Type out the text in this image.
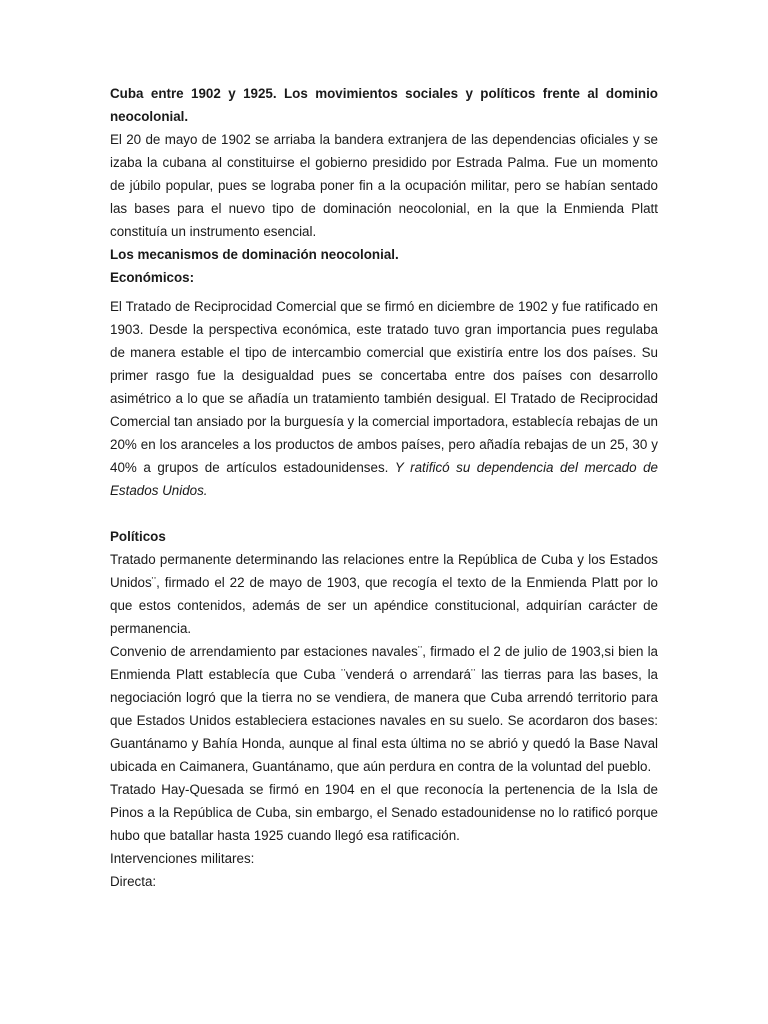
Cuba entre 1902 y 1925. Los movimientos sociales y políticos frente al dominio neocolonial.

El 20 de mayo de 1902 se arriaba la bandera extranjera de las dependencias oficiales y se izaba la cubana al constituirse el gobierno presidido por Estrada Palma. Fue un momento de júbilo popular, pues se lograba poner fin a la ocupación militar, pero se habían sentado las bases para el nuevo tipo de dominación neocolonial, en la que la Enmienda Platt constituía un instrumento esencial.

Los mecanismos de dominación neocolonial.

Económicos:

El Tratado de Reciprocidad Comercial que se firmó en diciembre de 1902 y fue ratificado en 1903. Desde la perspectiva económica, este tratado tuvo gran importancia pues regulaba de manera estable el tipo de intercambio comercial que existiría entre los dos países. Su primer rasgo fue la desigualdad pues se concertaba entre dos países con desarrollo asimétrico a lo que se añadía un tratamiento también desigual. El Tratado de Reciprocidad Comercial tan ansiado por la burguesía y la comercial importadora, establecía rebajas de un 20% en los aranceles a los productos de ambos países, pero añadía rebajas de un 25, 30 y 40% a grupos de artículos estadounidenses. Y ratificó su dependencia del mercado de Estados Unidos.

Políticos

Tratado permanente determinando las relaciones entre la República de Cuba y los Estados Unidos¨, firmado el 22 de mayo de 1903, que recogía el texto de la Enmienda Platt por lo que estos contenidos, además de ser un apéndice constitucional, adquirían carácter de permanencia.

Convenio de arrendamiento par estaciones navales¨, firmado el 2 de julio de 1903,si bien la Enmienda Platt establecía que Cuba ¨venderá o arrendará¨ las tierras para las bases, la negociación logró que la tierra no se vendiera, de manera que Cuba arrendó territorio para que Estados Unidos estableciera estaciones navales en su suelo. Se acordaron dos bases: Guantánamo y Bahía Honda, aunque al final esta última no se abrió y quedó la Base Naval ubicada en Caimanera, Guantánamo, que aún perdura en contra de la voluntad del pueblo.

Tratado Hay-Quesada se firmó en 1904 en el que reconocía la pertenencia de la Isla de Pinos a la República de Cuba, sin embargo, el Senado estadounidense no lo ratificó porque hubo que batallar hasta 1925 cuando llegó esa ratificación.

Intervenciones militares:

Directa:
